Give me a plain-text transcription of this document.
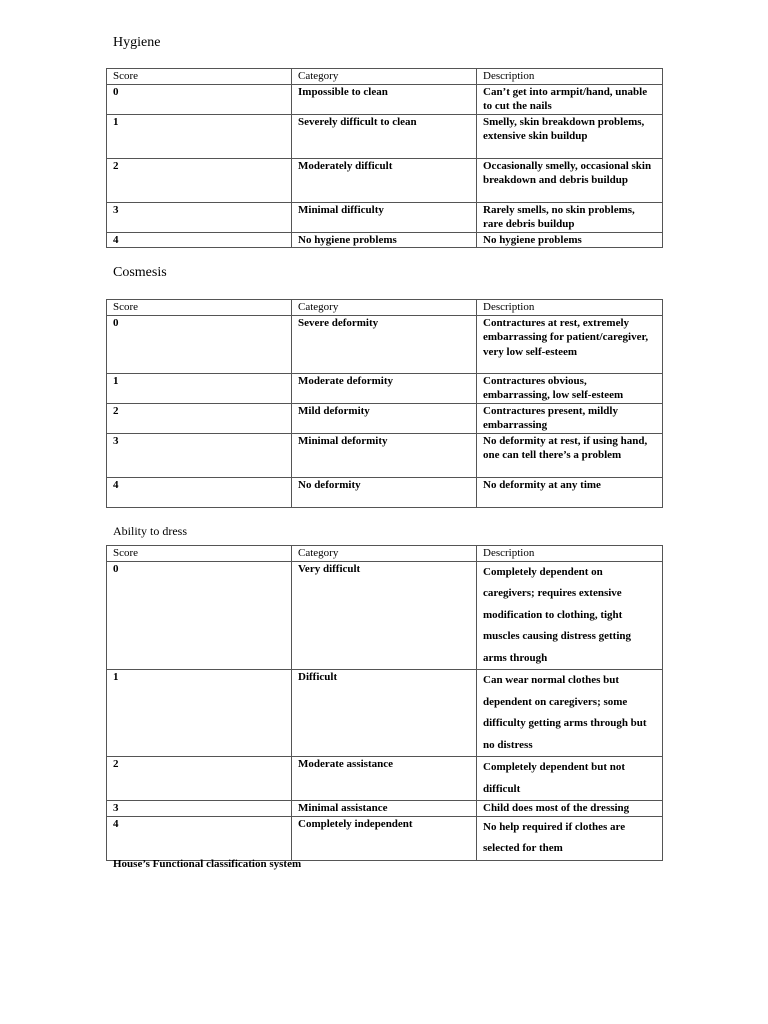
Hygiene
Score	Category	Description
0	Impossible to clean	Can’t get into armpit/hand, unable to cut the nails
1	Severely difficult to clean	Smelly, skin breakdown problems, extensive skin buildup
2	Moderately difficult	Occasionally smelly, occasional skin breakdown and debris buildup
3	Minimal difficulty	Rarely smells, no skin problems, rare debris buildup
4	No hygiene problems	No hygiene problems
Cosmesis
Score	Category	Description
0	Severe deformity	Contractures at rest, extremely embarrassing for patient/caregiver, very low self-esteem
1	Moderate deformity	Contractures obvious, embarrassing, low self-esteem
2	Mild deformity	Contractures present, mildly embarrassing
3	Minimal deformity	No deformity at rest, if using hand, one can tell there’s a problem
4	No deformity	No deformity at any time
Ability to dress
Score	Category	Description
0	Very difficult	Completely dependent on caregivers; requires extensive modification to clothing, tight muscles causing distress getting arms through
1	Difficult	Can wear normal clothes but dependent on caregivers; some difficulty getting arms through but no distress
2	Moderate assistance	Completely dependent but not difficult
3	Minimal assistance	Child does most of the dressing
4	Completely independent	No help required if clothes are selected for them
House’s Functional classification system
